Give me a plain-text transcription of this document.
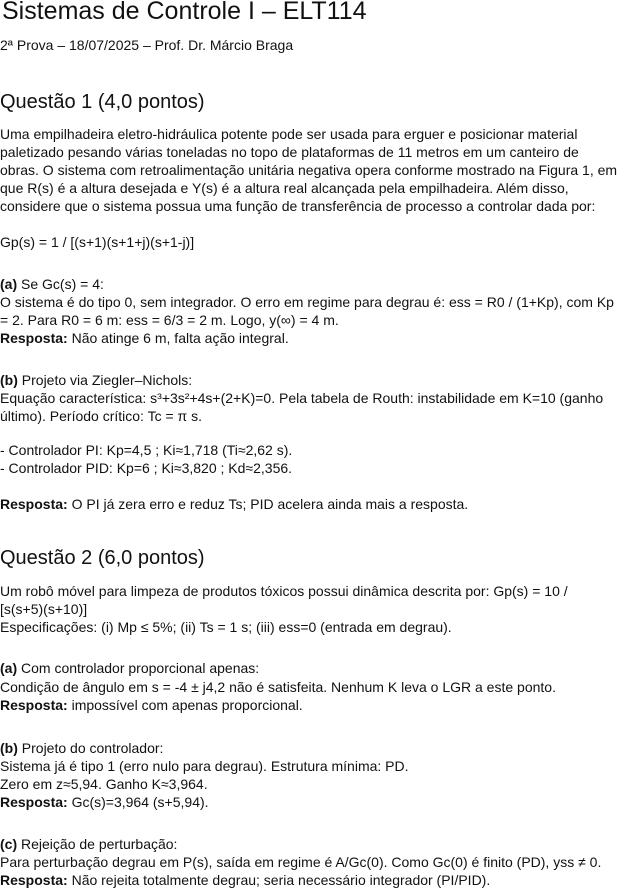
Sistemas de Controle I – ELT114
2ª Prova – 18/07/2025 – Prof. Dr. Márcio Braga
Questão 1 (4,0 pontos)
Uma empilhadeira eletro-hidráulica potente pode ser usada para erguer e posicionar material
paletizado pesando várias toneladas no topo de plataformas de 11 metros em um canteiro de
obras. O sistema com retroalimentação unitária negativa opera conforme mostrado na Figura 1, em
que R(s) é a altura desejada e Y(s) é a altura real alcançada pela empilhadeira. Além disso,
considere que o sistema possua uma função de transferência de processo a controlar dada por:
Gp(s) = 1 / [(s+1)(s+1+j)(s+1-j)]
(a) Se Gc(s) = 4:
O sistema é do tipo 0, sem integrador. O erro em regime para degrau é: ess = R0 / (1+Kp), com Kp
= 2. Para R0 = 6 m: ess = 6/3 = 2 m. Logo, y(∞) = 4 m.
Resposta: Não atinge 6 m, falta ação integral.
(b) Projeto via Ziegler–Nichols:
Equação característica: s³+3s²+4s+(2+K)=0. Pela tabela de Routh: instabilidade em K=10 (ganho
último). Período crítico: Tc = π s.
- Controlador PI: Kp=4,5 ; Ki≈1,718 (Ti≈2,62 s).
- Controlador PID: Kp=6 ; Ki≈3,820 ; Kd≈2,356.
Resposta: O PI já zera erro e reduz Ts; PID acelera ainda mais a resposta.
Questão 2 (6,0 pontos)
Um robô móvel para limpeza de produtos tóxicos possui dinâmica descrita por: Gp(s) = 10 /
[s(s+5)(s+10)]
Especificações: (i) Mp ≤ 5%; (ii) Ts = 1 s; (iii) ess=0 (entrada em degrau).
(a) Com controlador proporcional apenas:
Condição de ângulo em s = -4 ± j4,2 não é satisfeita. Nenhum K leva o LGR a este ponto.
Resposta: impossível com apenas proporcional.
(b) Projeto do controlador:
Sistema já é tipo 1 (erro nulo para degrau). Estrutura mínima: PD.
Zero em z≈5,94. Ganho K≈3,964.
Resposta: Gc(s)=3,964 (s+5,94).
(c) Rejeição de perturbação:
Para perturbação degrau em P(s), saída em regime é A/Gc(0). Como Gc(0) é finito (PD), yss ≠ 0.
Resposta: Não rejeita totalmente degrau; seria necessário integrador (PI/PID).
